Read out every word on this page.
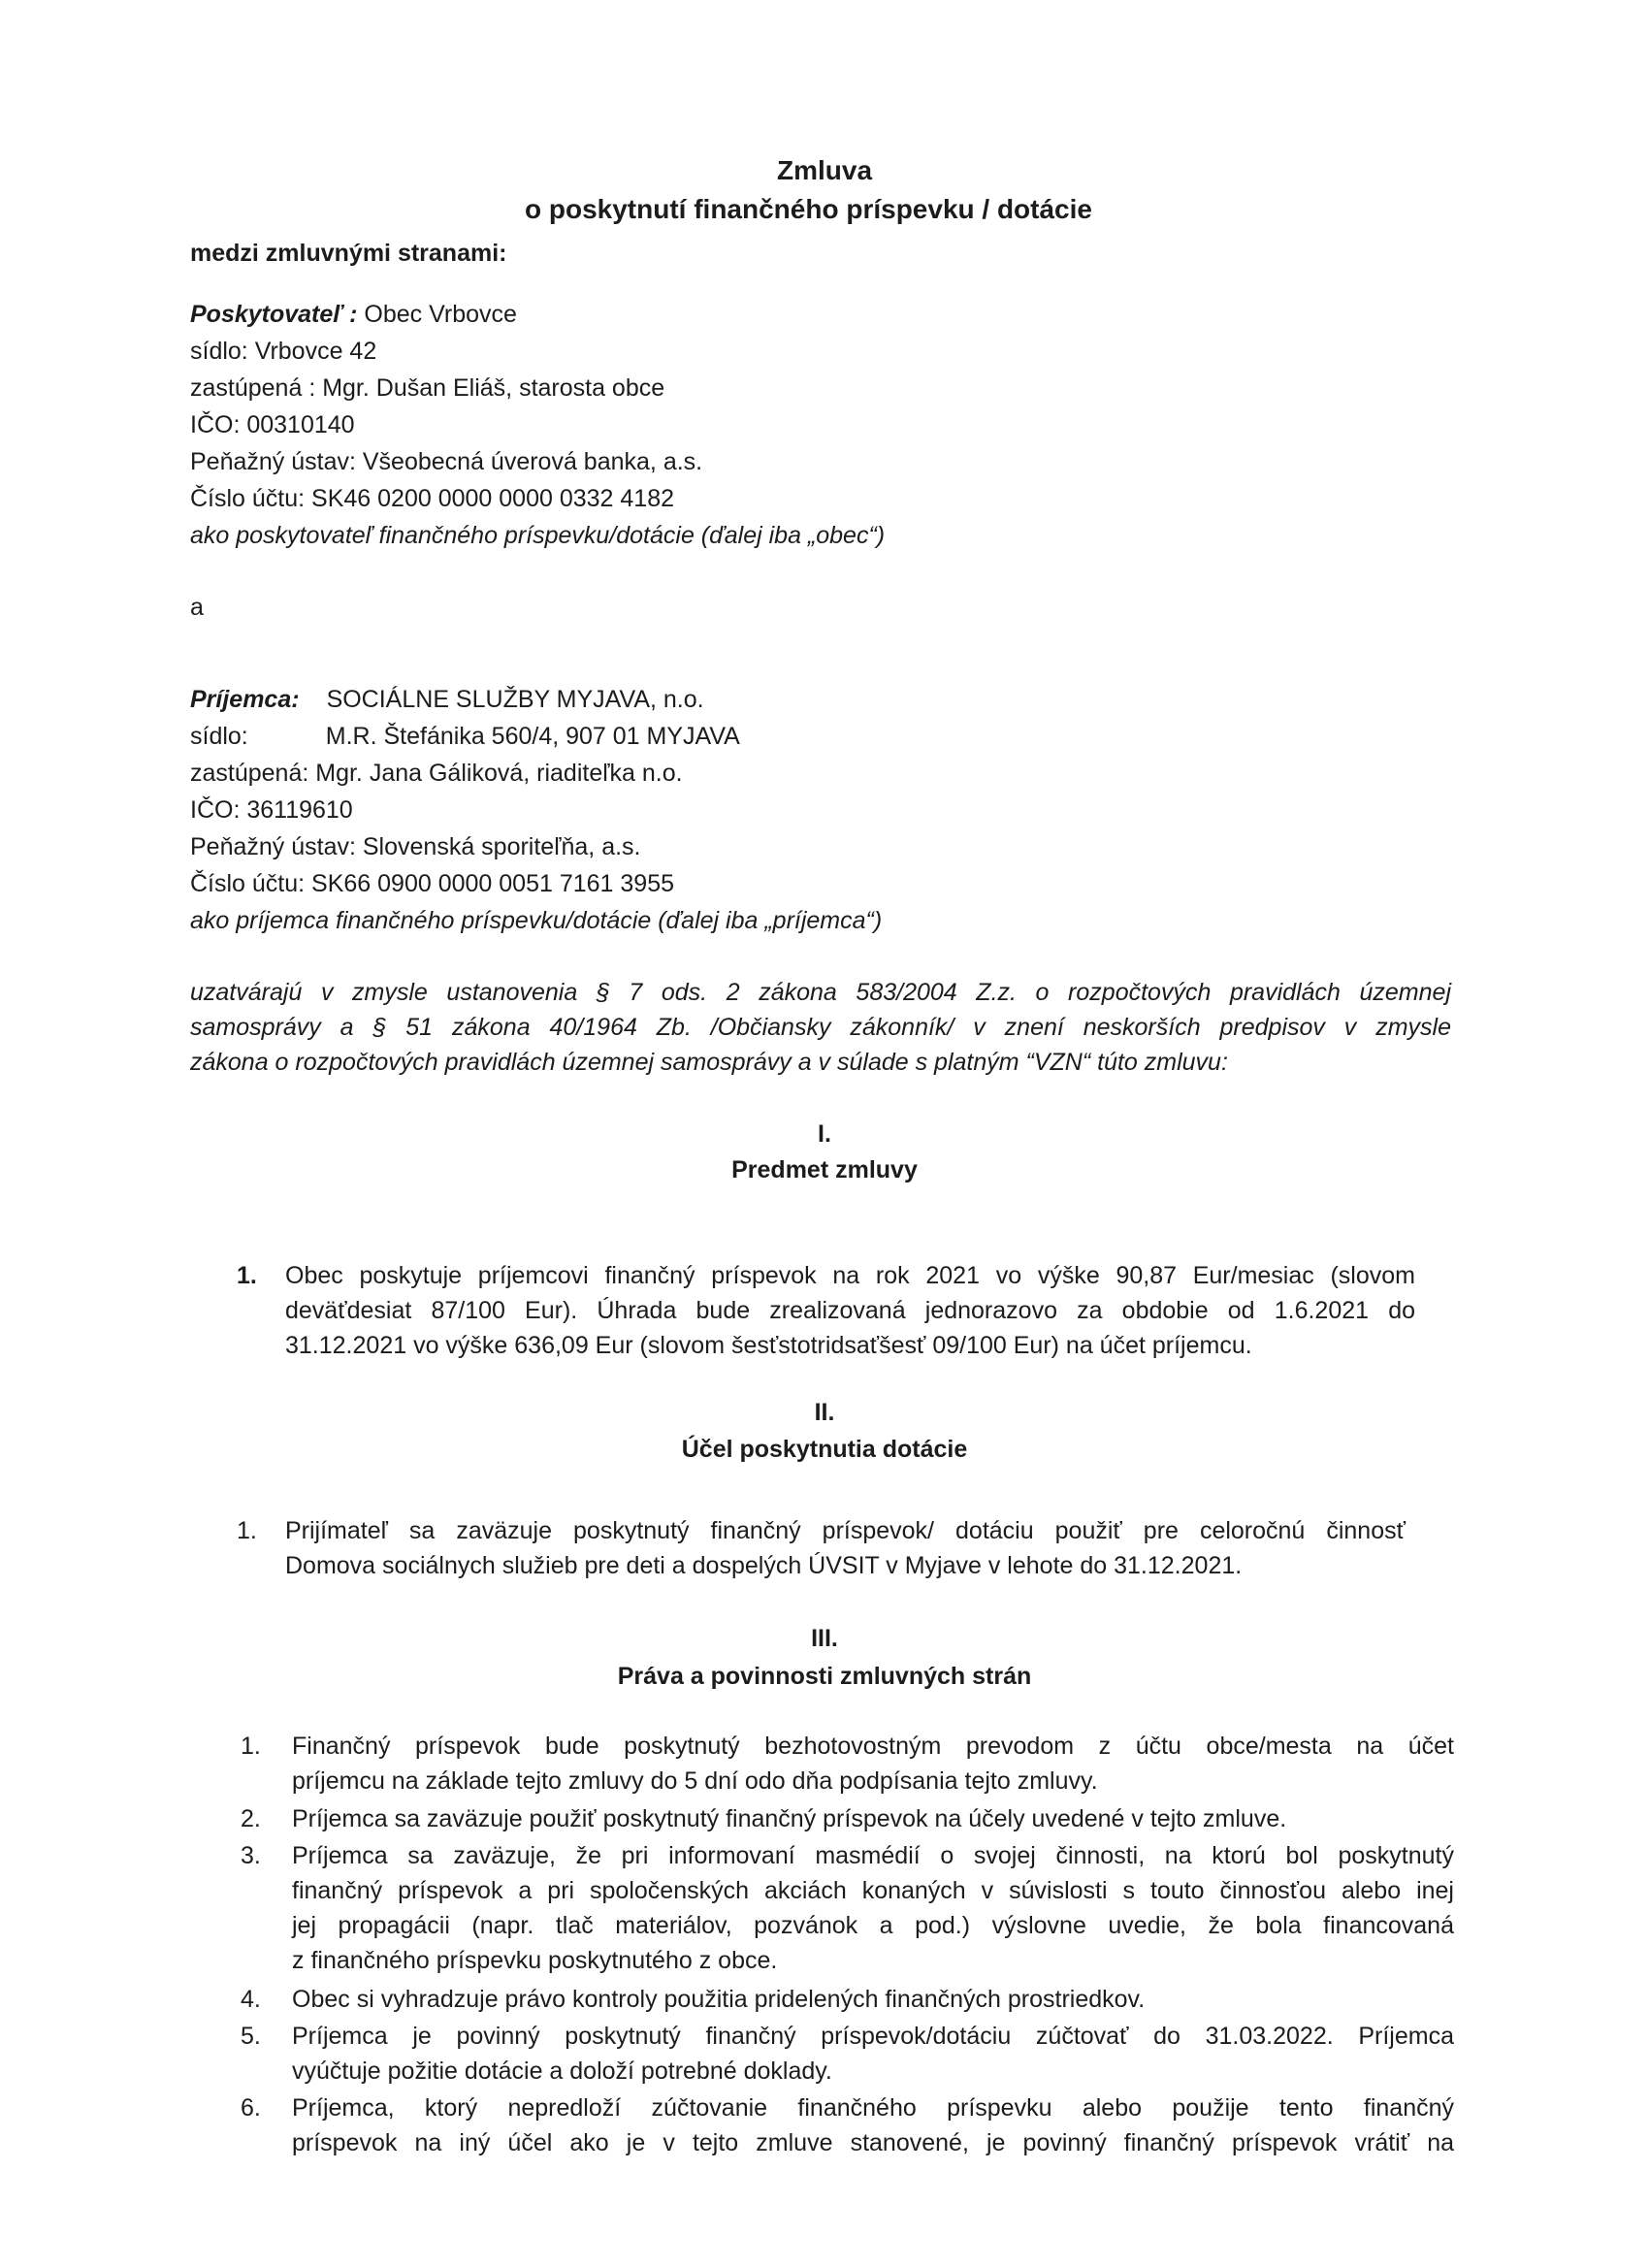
Zmluva
o poskytnutí finančného príspevku / dotácie
medzi zmluvnými stranami:
Poskytovateľ : Obec Vrbovce
sídlo: Vrbovce 42
zastúpená : Mgr. Dušan Eliáš, starosta obce
IČO: 00310140
Peňažný ústav: Všeobecná úverová banka, a.s.
Číslo účtu: SK46 0200 0000 0000 0332 4182
ako poskytovateľ finančného príspevku/dotácie (ďalej iba „obec“)
a
Príjemca: SOCIÁLNE SLUŽBY MYJAVA, n.o.
sídlo:	M.R. Štefánika 560/4, 907 01 MYJAVA
zastúpená: Mgr. Jana Gáliková, riaditeľka n.o.
IČO: 36119610
Peňažný ústav: Slovenská sporiteľňa, a.s.
Číslo účtu: SK66 0900 0000 0051 7161 3955
ako príjemca finančného príspevku/dotácie (ďalej iba „príjemca“)
uzatvárajú v zmysle ustanovenia § 7 ods. 2 zákona 583/2004 Z.z. o rozpočtových pravidlách územnej
samosprávy a § 51 zákona 40/1964 Zb. /Občiansky zákonník/ v znení neskorších predpisov v zmysle
zákona o rozpočtových pravidlách územnej samosprávy a v súlade s platným “VZN“ túto zmluvu:
I.
Predmet zmluvy
1. Obec poskytuje príjemcovi finančný príspevok na rok 2021 vo výške 90,87 Eur/mesiac (slovom
deväťdesiat 87/100 Eur). Úhrada bude zrealizovaná jednorazovo za obdobie od 1.6.2021 do
31.12.2021 vo výške 636,09 Eur (slovom šesťstotridsaťšesť 09/100 Eur) na účet príjemcu.
II.
Účel poskytnutia dotácie
1. Prijímateľ sa zaväzuje poskytnutý finančný príspevok/ dotáciu použiť pre celoročnú činnosť
Domova sociálnych služieb pre deti a dospelých ÚVSIT v Myjave v lehote do 31.12.2021.
III.
Práva a povinnosti zmluvných strán
1. Finančný príspevok bude poskytnutý bezhotovostným prevodom z účtu obce/mesta na účet
príjemcu na základe tejto zmluvy do 5 dní odo dňa podpísania tejto zmluvy.
2. Príjemca sa zaväzuje použiť poskytnutý finančný príspevok na účely uvedené v tejto zmluve.
3. Príjemca sa zaväzuje, že pri informovaní masmédií o svojej činnosti, na ktorú bol poskytnutý
finančný príspevok a pri spoločenských akciách konaných v súvislosti s touto činnosťou alebo inej
jej propagácii (napr. tlač materiálov, pozvánok a pod.) výslovne uvedie, že bola financovaná
z finančného príspevku poskytnutého z obce.
4. Obec si vyhradzuje právo kontroly použitia pridelených finančných prostriedkov.
5. Príjemca je povinný poskytnutý finančný príspevok/dotáciu zúčtovať do 31.03.2022. Príjemca
vyúčtuje požitie dotácie a doloží potrebné doklady.
6. Príjemca, ktorý nepredloží zúčtovanie finančného príspevku alebo použije tento finančný
príspevok na iný účel ako je v tejto zmluve stanovené, je povinný finančný príspevok vrátiť na
